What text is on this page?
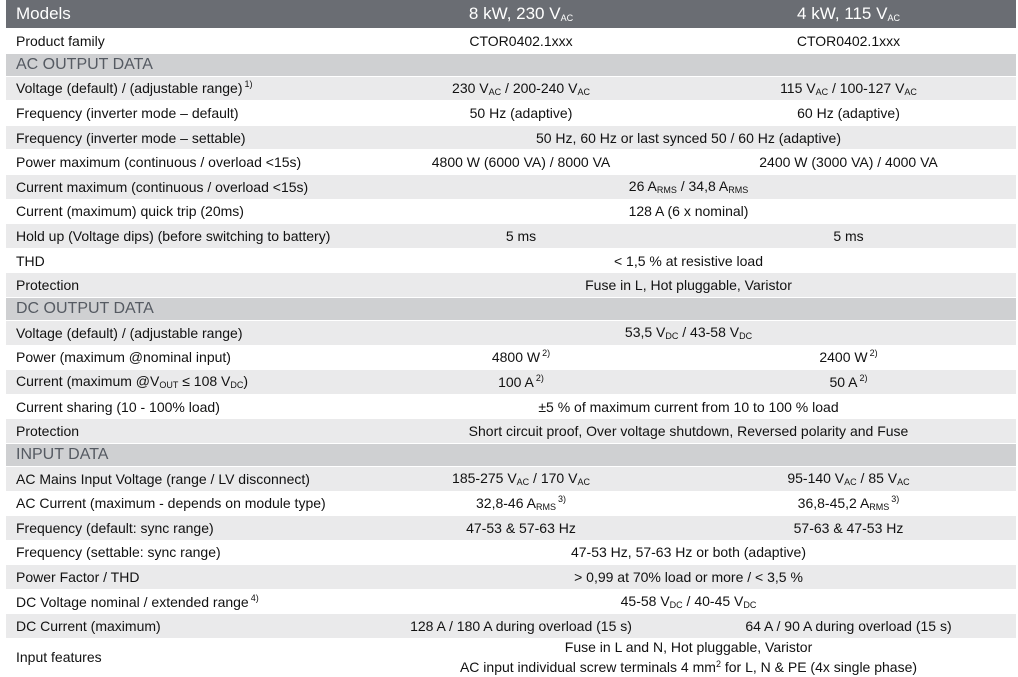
Models	8 kW, 230 $V_{AC}$	4 kW, 115 $V_{AC}$
Product family	CTOR0402.1xxx	CTOR0402.1xxx
AC OUTPUT DATA		
Voltage (default) / (adjustable range) $^{1)}$	230 $V_{AC} / 200-240$ $V_{AC}$	115 $V_{AC} / 100-127$ $V_{AC}$
Frequency (inverter mode – default)	50 Hz (adaptive)	60 Hz (adaptive)
Frequency (inverter mode – settable)	50 Hz, 60 Hz or last synced 50 / 60 Hz (adaptive)	
Power maximum (continuous / overload <15s)	4800 W (6000 VA) / 8000 VA	2400 W (3000 VA) / 4000 VA
Current maximum (continuous / overload <15s)	26 $A_{RMS} / 34,8$ $A_{RMS}$
Current (maximum) quick trip (20ms)	128 A (6 x nominal)	
Hold up (Voltage dips) (before switching to battery)	5 ms	5 ms
THD	< 1,5 % at resistive load	
Protection	Fuse in L, Hot pluggable, Varistor	
DC OUTPUT DATA		
Voltage (default) / (adjustable range)	53,5 $V_{DC} / 43-58$ $V_{DC}$
Power (maximum @nominal input)	4800 W $^{2)}$	2400 W $^{2)}$
Current (maximum $@V_{OUT} \le 108$ $V_{DC}$)	100 A $^{2)}$	50 A $^{2)}$
Current sharing (10 - 100% load)	±5 % of maximum current from 10 to 100 % load	
Protection	Short circuit proof, Over voltage shutdown, Reversed polarity and Fuse	
INPUT DATA		
AC Mains Input Voltage (range / LV disconnect)	185-275 $V_{AC} / 170$ $V_{AC}$	95-140 $V_{AC} / 85$ $V_{AC}$
AC Current (maximum - depends on module type)	32,8-46 $A_{RMS}^{3)}$	36,8-45,2 $A_{RMS}^{3)}$
Frequency (default: sync range)	47-53 & 57-63 Hz	57-63 & 47-53 Hz
Frequency (settable: sync range)	47-53 Hz, 57-63 Hz or both (adaptive)	
Power Factor / THD	> 0,99 at 70% load or more / < 3,5 %	
DC Voltage nominal / extended range $^{4)}$	45-58 $V_{DC} / 40-45$ $V_{DC}$
DC Current (maximum)	128 A / 180 A during overload (15 s)	64 A / 90 A during overload (15 s)
Input features	Fuse in L and N, Hot pluggable, Varistor
AC input individual screw terminals 4 $mm^2$ for L, N & PE (4x single phase)	
